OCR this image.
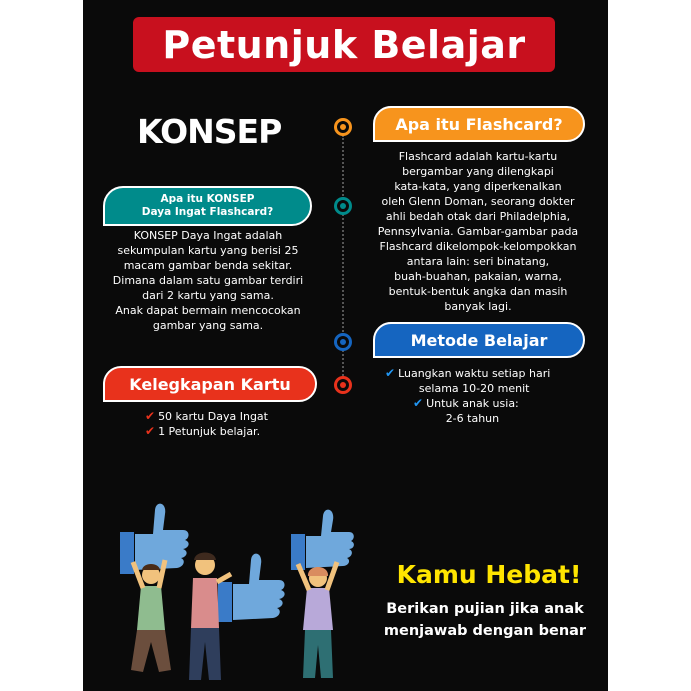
Petunjuk Belajar
KONSEP	Apa itu Flashcard?
Flashcard adalah kartu-kartu
bergambar yang dilengkapi
kata-kata, yang diperkenalkan
oleh Glenn Doman, seorang dokter
ahli bedah otak dari Philadelphia,
Pennsylvania. Gambar-gambar pada
Flashcard dikelompok-kelompokkan
antara lain: seri binatang,
buah-buahan, pakaian, warna,
bentuk-bentuk angka dan masih
banyak lagi.
Apa itu KONSEP
Daya Ingat Flashcard?
KONSEP Daya Ingat adalah
sekumpulan kartu yang berisi 25
macam gambar benda sekitar.
Dimana dalam satu gambar terdiri
dari 2 kartu yang sama.
Anak dapat bermain mencocokan
gambar yang sama.
Metode Belajar
✔ Luangkan waktu setiap hari
selama 10-20 menit
✔ Untuk anak usia:
2-6 tahun
Kelegkapan Kartu
✔ 50 kartu Daya Ingat
✔ 1 Petunjuk belajar.
Kamu Hebat!
Berikan pujian jika anak
menjawab dengan benar
